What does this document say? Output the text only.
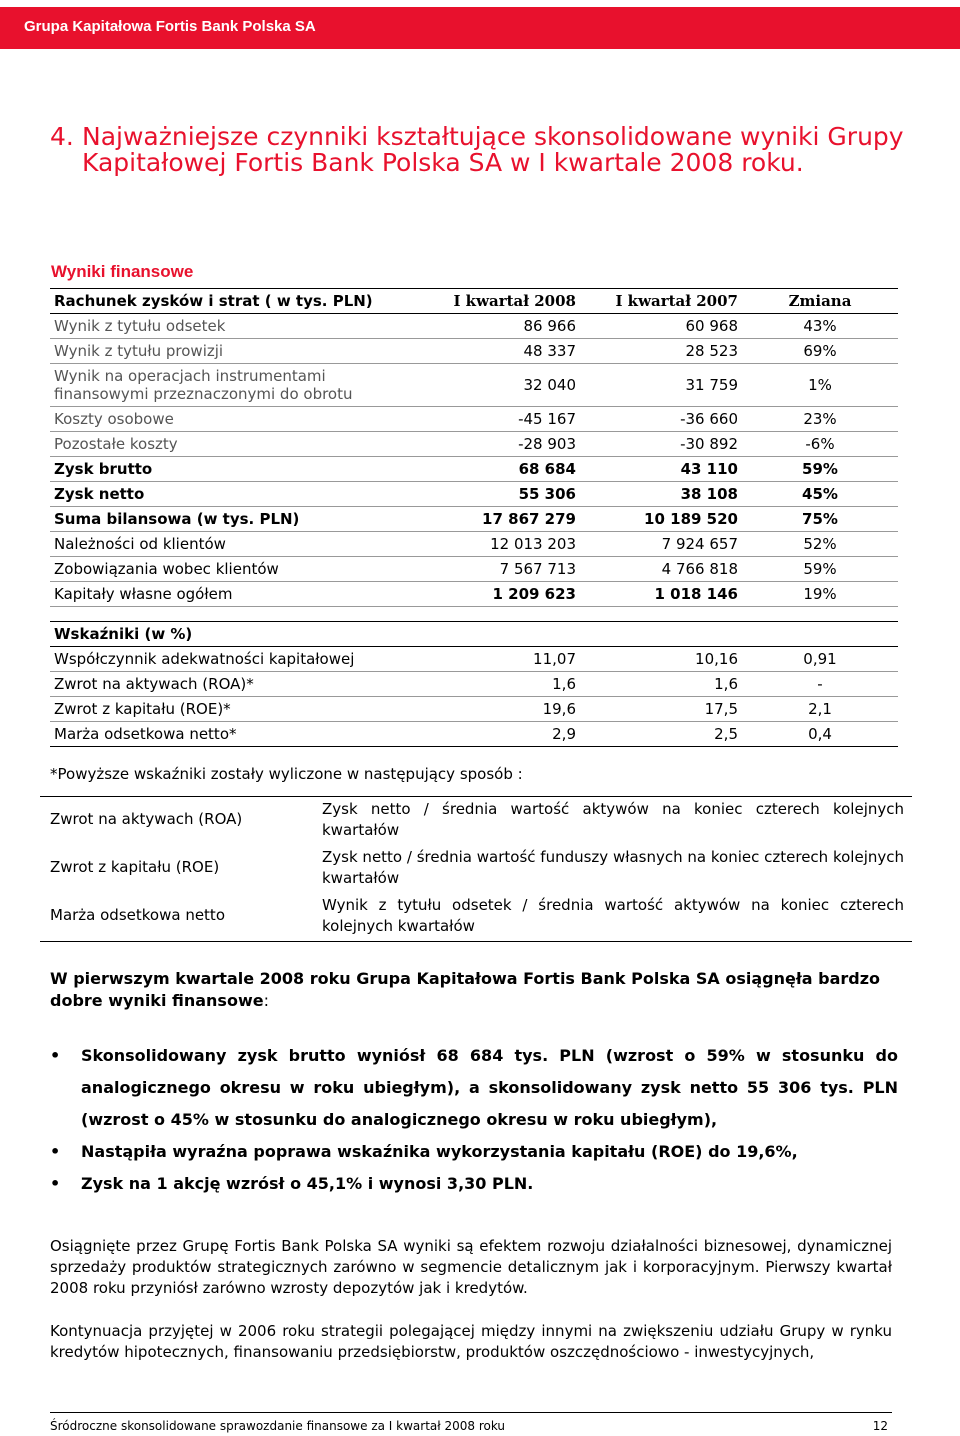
Grupa Kapitałowa Fortis Bank Polska SA
4. Najważniejsze czynniki kształtujące skonsolidowane wyniki Grupy Kapitałowej Fortis Bank Polska SA w I kwartale 2008 roku.
Wyniki finansowe
Rachunek zysków i strat ( w tys. PLN)	I kwartał 2008	I kwartał 2007	Zmiana
Wynik z tytułu odsetek	86 966	60 968	43%
Wynik z tytułu prowizji	48 337	28 523	69%
Wynik na operacjach instrumentami finansowymi przeznaczonymi do obrotu	32 040	31 759	1%
Koszty osobowe	-45 167	-36 660	23%
Pozostałe koszty	-28 903	-30 892	-6%
Zysk brutto	68 684	43 110	59%
Zysk netto	55 306	38 108	45%
Suma bilansowa (w tys. PLN)	17 867 279	10 189 520	75%
Należności od klientów	12 013 203	7 924 657	52%
Zobowiązania wobec klientów	7 567 713	4 766 818	59%
Kapitały własne ogółem	1 209 623	1 018 146	19%

Wskaźniki (w %)			
Współczynnik adekwatności kapitałowej	11,07	10,16	0,91
Zwrot na aktywach (ROA)*	1,6	1,6	-
Zwrot z kapitału (ROE)*	19,6	17,5	2,1
Marża odsetkowa netto*	2,9	2,5	0,4
*Powyższe wskaźniki zostały wyliczone w następujący sposób :
Zwrot na aktywach (ROA)	Zysk netto / średnia wartość aktywów na koniec czterech kolejnych kwartałów
Zwrot z kapitału (ROE)	Zysk netto / średnia wartość funduszy własnych na koniec czterech kolejnych kwartałów
Marża odsetkowa netto	Wynik z tytułu odsetek / średnia wartość aktywów na koniec czterech kolejnych kwartałów

W pierwszym kwartale 2008 roku Grupa Kapitałowa Fortis Bank Polska SA osiągnęła bardzo dobre wyniki finansowe:

• Skonsolidowany zysk brutto wyniósł 68 684 tys. PLN (wzrost o 59% w stosunku do analogicznego okresu w roku ubiegłym), a skonsolidowany zysk netto 55 306 tys. PLN (wzrost o 45% w stosunku do analogicznego okresu w roku ubiegłym),
• Nastąpiła wyraźna poprawa wskaźnika wykorzystania kapitału (ROE) do 19,6%,
• Zysk na 1 akcję wzrósł o 45,1% i wynosi 3,30 PLN.

Osiągnięte przez Grupę Fortis Bank Polska SA wyniki są efektem rozwoju działalności biznesowej, dynamicznej sprzedaży produktów strategicznych zarówno w segmencie detalicznym jak i korporacyjnym. Pierwszy kwartał 2008 roku przyniósł zarówno wzrosty depozytów jak i kredytów.

Kontynuacja przyjętej w 2006 roku strategii polegającej między innymi na zwiększeniu udziału Grupy w rynku kredytów hipotecznych, finansowaniu przedsiębiorstw, produktów oszczędnościowo - inwestycyjnych,

Śródroczne skonsolidowane sprawozdanie finansowe za I kwartał 2008 roku	12
